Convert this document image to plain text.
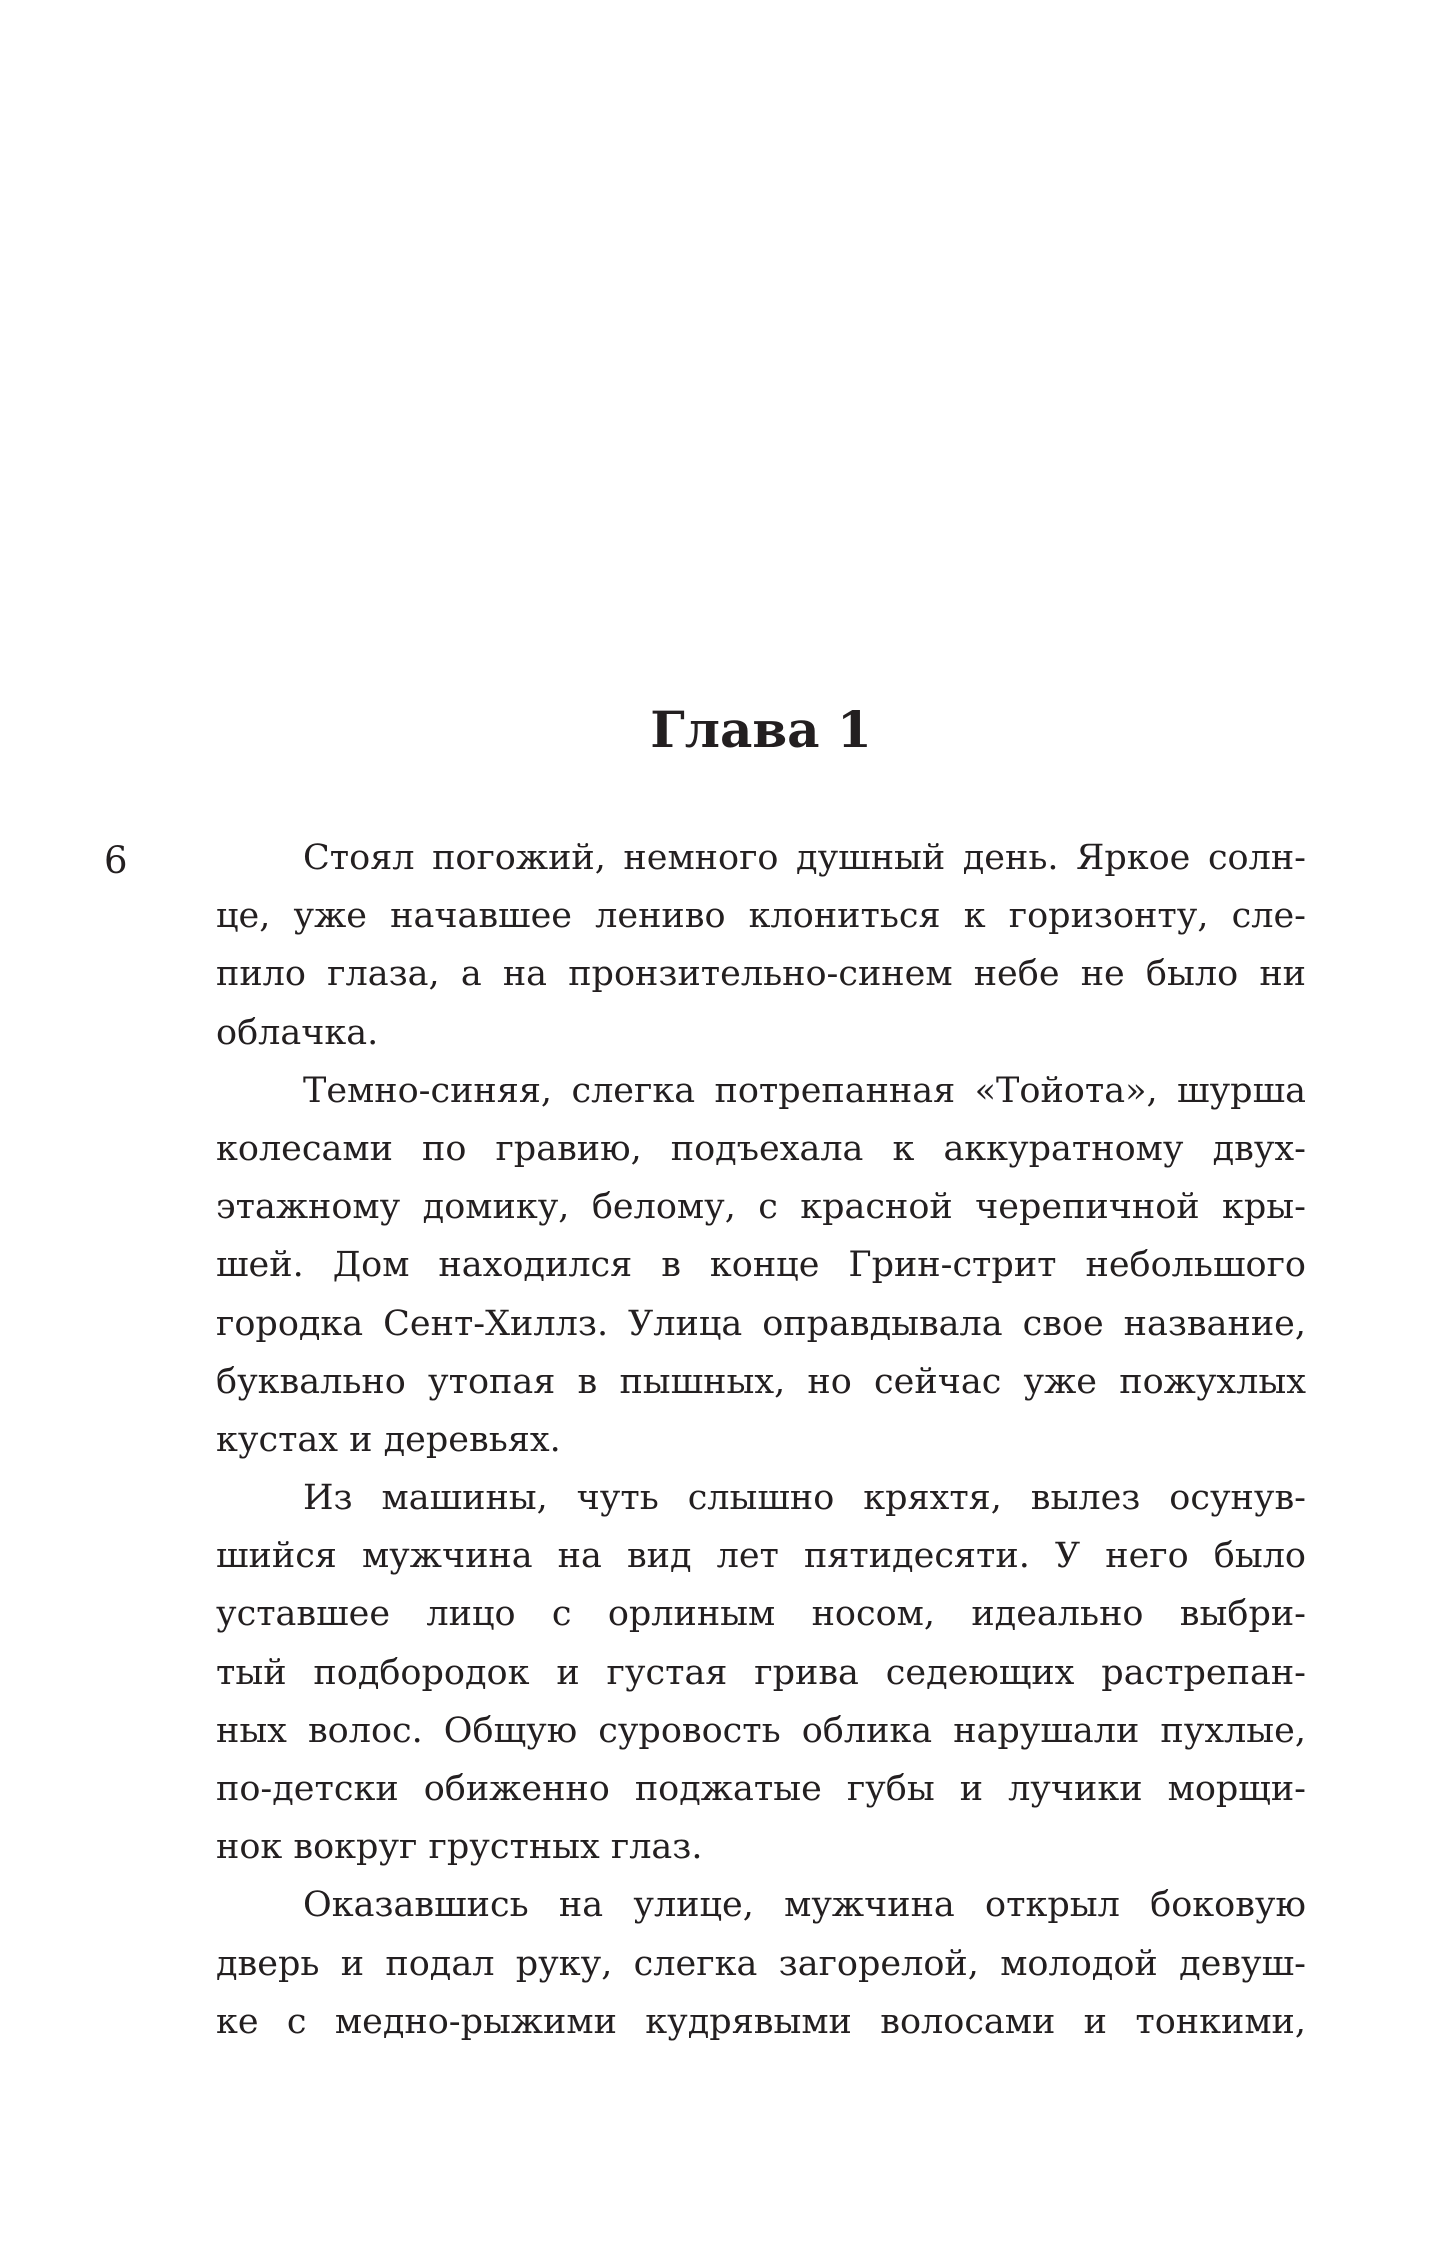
Глава 1
6	Стоял погожий, немного душный день. Яркое солн-
це, уже начавшее лениво клониться к горизонту, сле-
пило глаза, а на пронзительно-синем небе не было ни
облачка.
Темно-синяя, слегка потрепанная «Тойота», шурша
колесами по гравию, подъехала к аккуратному двух-
этажному домику, белому, с красной черепичной кры-
шей. Дом находился в конце Грин-стрит небольшого
городка Сент-Хиллз. Улица оправдывала свое название,
буквально утопая в пышных, но сейчас уже пожухлых
кустах и деревьях.
Из машины, чуть слышно кряхтя, вылез осунув-
шийся мужчина на вид лет пятидесяти. У него было
уставшее лицо с орлиным носом, идеально выбри-
тый подбородок и густая грива седеющих растрепан-
ных волос. Общую суровость облика нарушали пухлые,
по-детски обиженно поджатые губы и лучики морщи-
нок вокруг грустных глаз.
Оказавшись на улице, мужчина открыл боковую
дверь и подал руку, слегка загорелой, молодой девуш-
ке с медно-рыжими кудрявыми волосами и тонкими,
